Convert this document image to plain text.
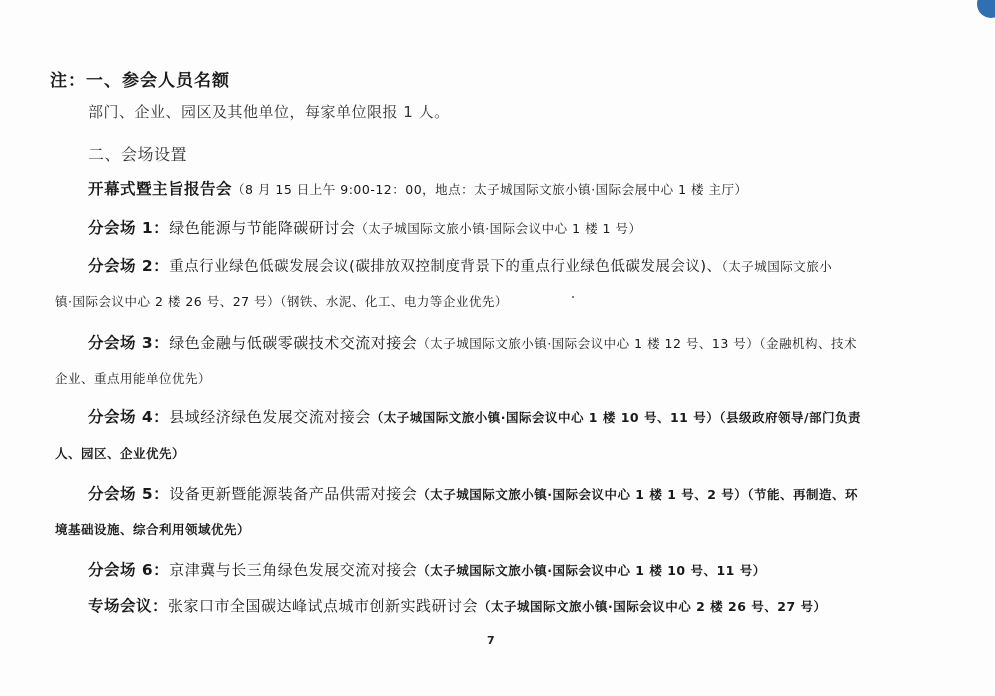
注：一、参会人员名额
部门、企业、园区及其他单位，每家单位限报 1 人。
二、会场设置
开幕式暨主旨报告会（8 月 15 日上午 9:00-12：00，地点：太子城国际文旅小镇·国际会展中心 1 楼 主厅）
分会场 1：绿色能源与节能降碳研讨会（太子城国际文旅小镇·国际会议中心 1 楼 1 号）
分会场 2：重点行业绿色低碳发展会议(碳排放双控制度背景下的重点行业绿色低碳发展会议)、（太子城国际文旅小
镇·国际会议中心 2 楼 26 号、27 号）（钢铁、水泥、化工、电力等企业优先）
分会场 3：绿色金融与低碳零碳技术交流对接会（太子城国际文旅小镇·国际会议中心 1 楼 12 号、13 号）（金融机构、技术
企业、重点用能单位优先）
分会场 4：县域经济绿色发展交流对接会（太子城国际文旅小镇·国际会议中心 1 楼 10 号、11 号）（县级政府领导/部门负责
人、园区、企业优先）
分会场 5：设备更新暨能源装备产品供需对接会（太子城国际文旅小镇·国际会议中心 1 楼 1 号、2 号）（节能、再制造、环
境基础设施、综合利用领域优先）
分会场 6：京津冀与长三角绿色发展交流对接会（太子城国际文旅小镇·国际会议中心 1 楼 10 号、11 号）
专场会议：张家口市全国碳达峰试点城市创新实践研讨会（太子城国际文旅小镇·国际会议中心 2 楼 26 号、27 号）
7
